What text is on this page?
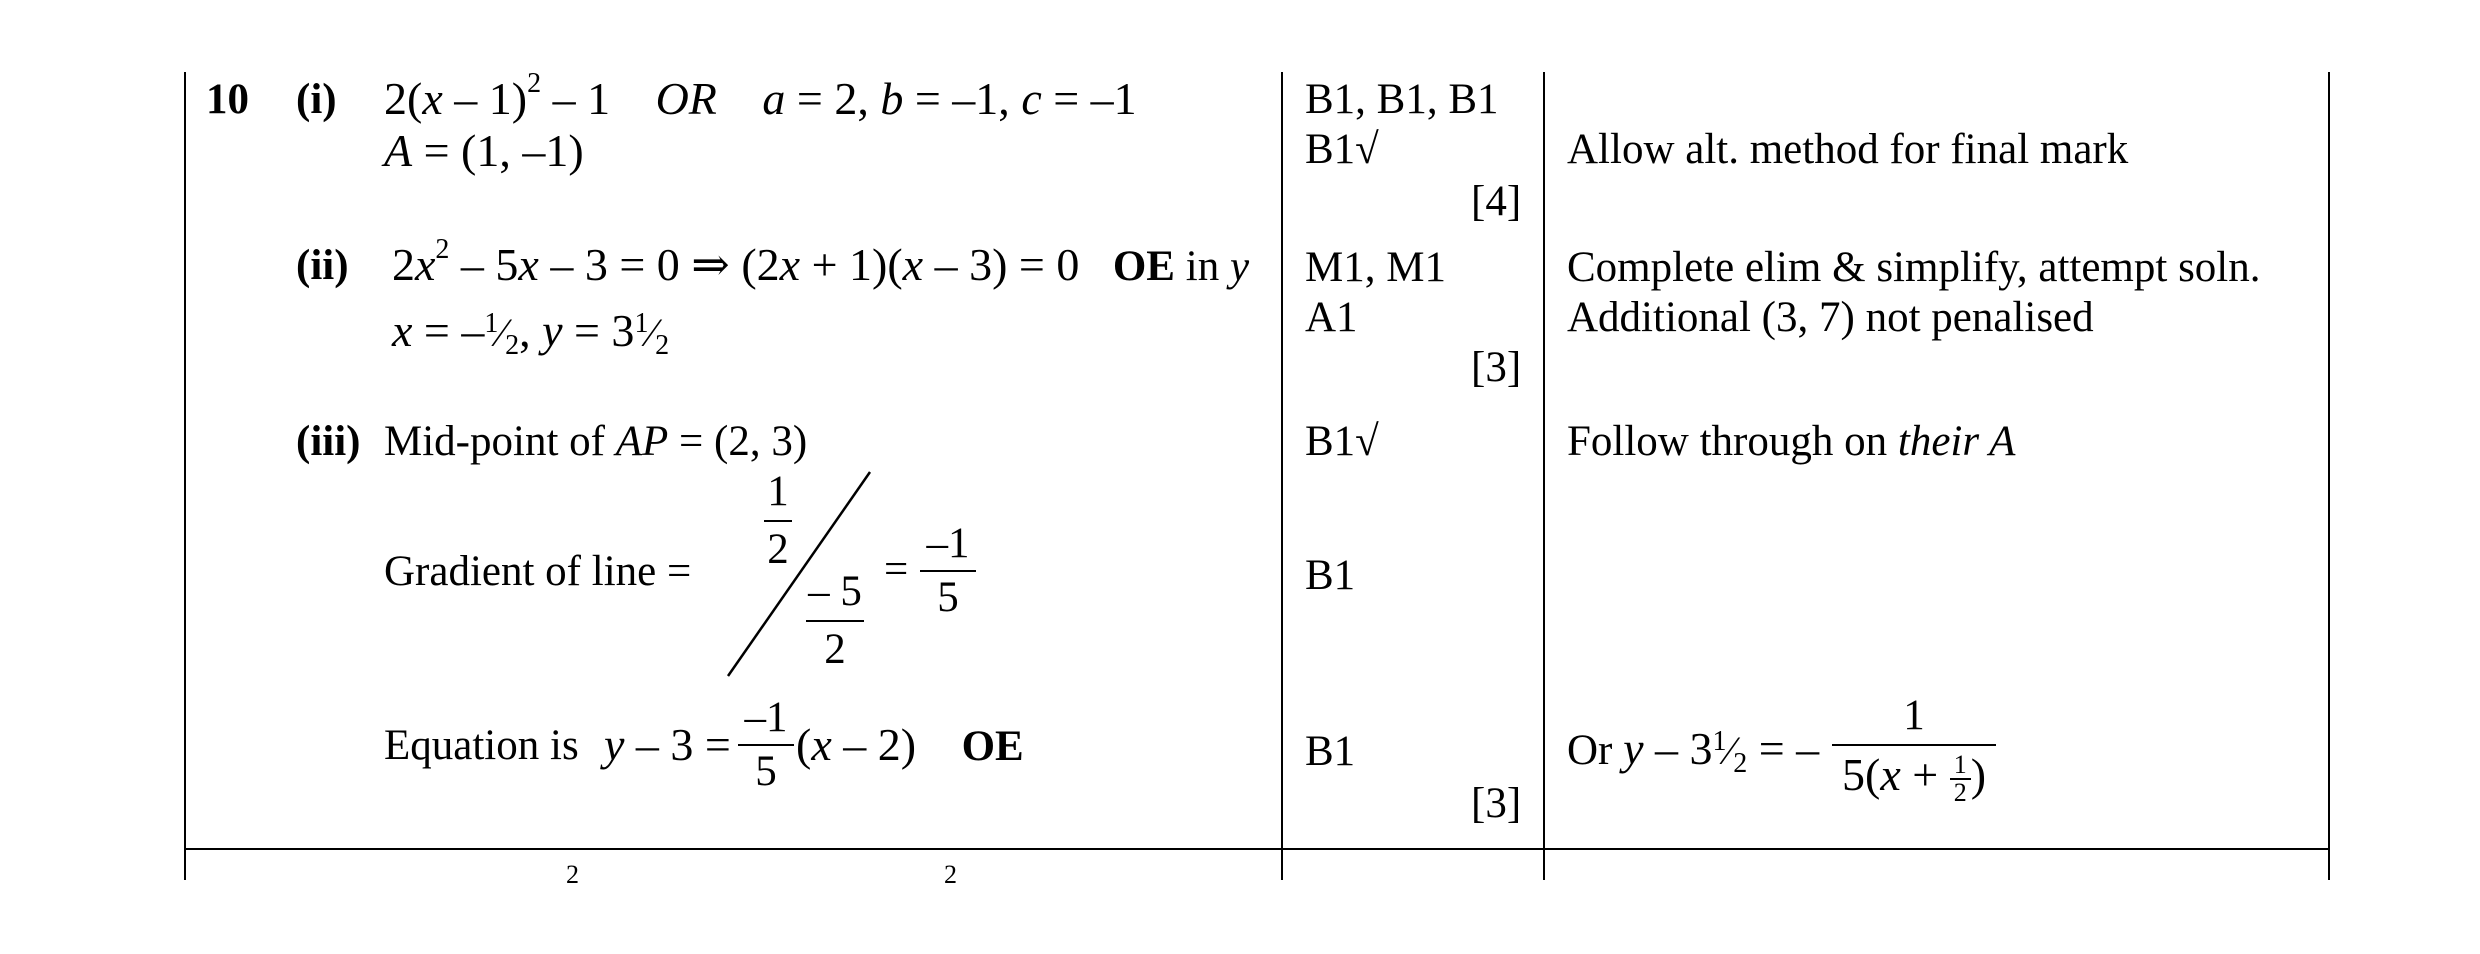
10 (i) 2(x – 1)$^2$ – 1 OR a = 2, b = –1, c = –1
A = (1, –1)
B1, B1, B1
B1√
[4]
Allow alt. method for final mark
(ii) $2x^2 - 5x - 3 = 0$ ⇒ (2x + 1)(x – 3) = 0 OE in y
$x = -^1⁄_2$, $y = 3^1⁄_2$
M1, M1
A1
[3]
Complete elim & simplify, attempt soln.
Additional (3, 7) not penalised
(iii) Mid-point of AP = (2, 3)
Gradient of line =
1
2
– 5
2
=
–1
5
Equation is y – 3 =
–1
5
(x – 2) OE
B1√
B1
B1
[3]
Follow through on their A
Or y – $3^1⁄_2$ = –
1
$5(x + \frac{1}{2}$ )
2	2
